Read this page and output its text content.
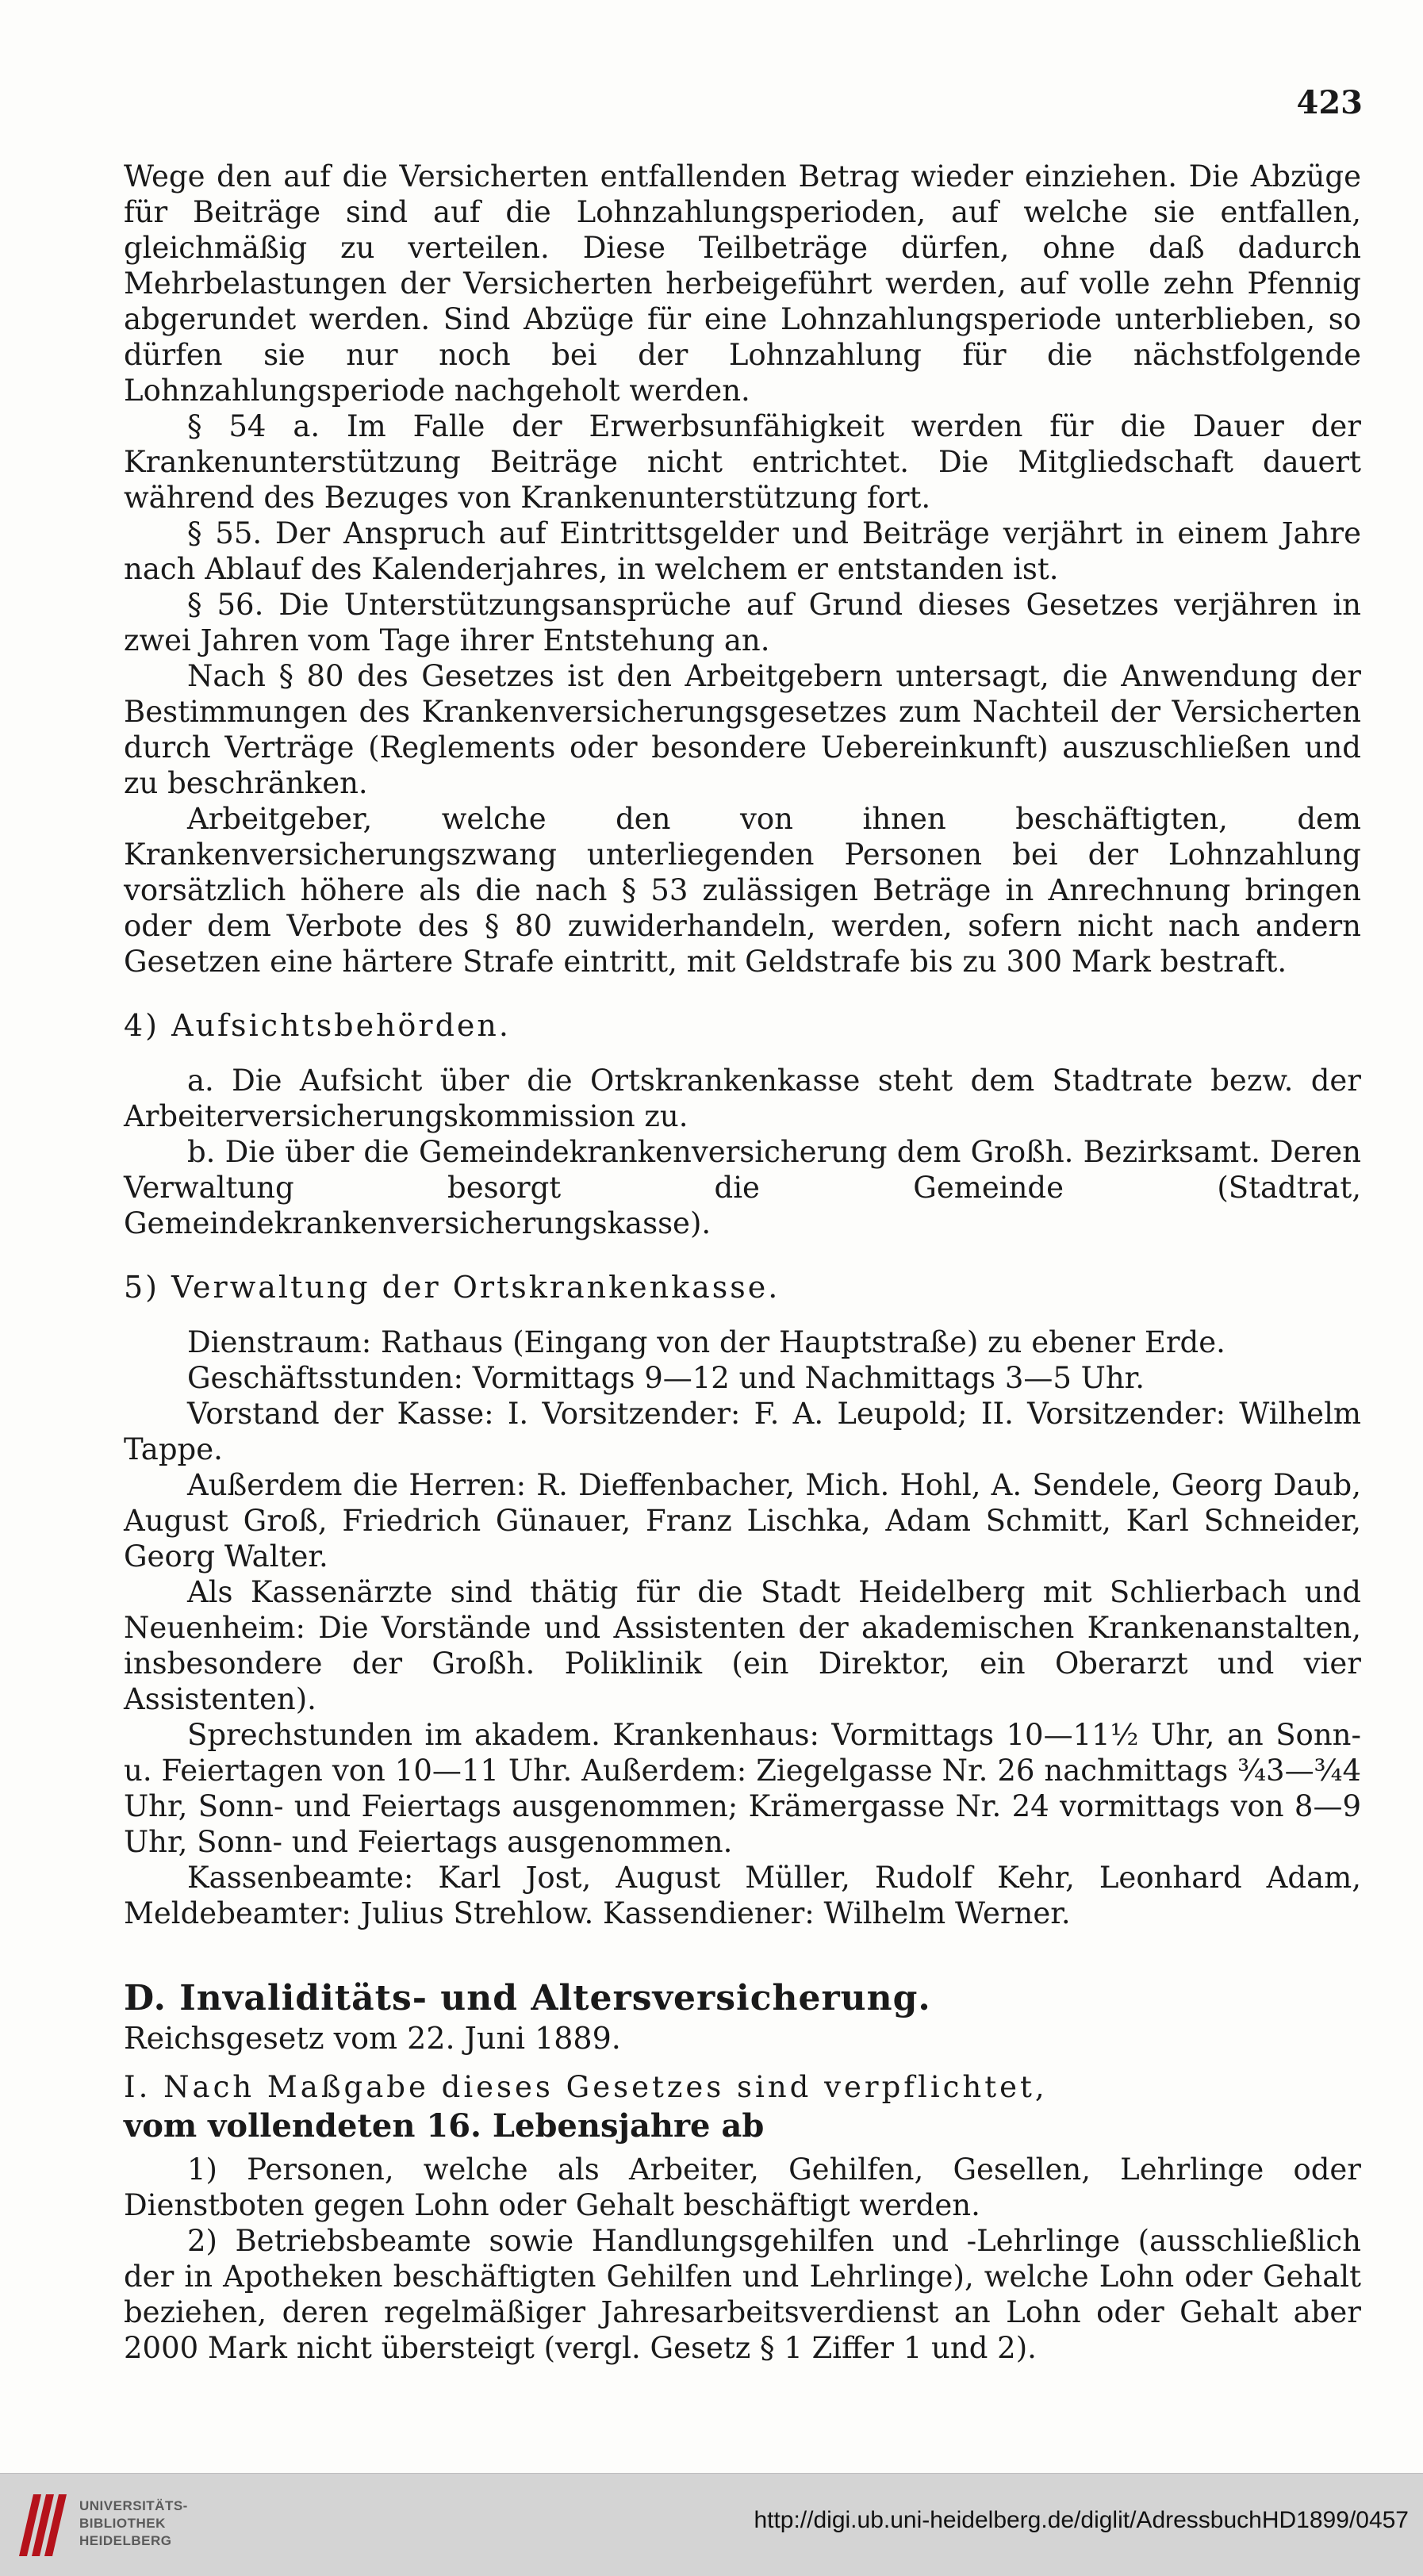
423

Wege den auf die Versicherten entfallenden Betrag wieder einziehen. Die Abzüge für Beiträge sind auf die Lohnzahlungsperioden, auf welche sie entfallen, gleichmäßig zu verteilen. Diese Teilbeträge dürfen, ohne daß dadurch Mehrbelastungen der Versicherten herbeigeführt werden, auf volle zehn Pfennig abgerundet werden. Sind Abzüge für eine Lohnzahlungsperiode unterblieben, so dürfen sie nur noch bei der Lohnzahlung für die nächstfolgende Lohnzahlungsperiode nachgeholt werden.

§ 54 a. Im Falle der Erwerbsunfähigkeit werden für die Dauer der Krankenunterstützung Beiträge nicht entrichtet. Die Mitgliedschaft dauert während des Bezuges von Krankenunterstützung fort.

§ 55. Der Anspruch auf Eintrittsgelder und Beiträge verjährt in einem Jahre nach Ablauf des Kalenderjahres, in welchem er entstanden ist.

§ 56. Die Unterstützungsansprüche auf Grund dieses Gesetzes verjähren in zwei Jahren vom Tage ihrer Entstehung an.

Nach § 80 des Gesetzes ist den Arbeitgebern untersagt, die Anwendung der Bestimmungen des Krankenversicherungsgesetzes zum Nachteil der Versicherten durch Verträge (Reglements oder besondere Uebereinkunft) auszuschließen und zu beschränken.

Arbeitgeber, welche den von ihnen beschäftigten, dem Krankenversicherungszwang unterliegenden Personen bei der Lohnzahlung vorsätzlich höhere als die nach § 53 zulässigen Beträge in Anrechnung bringen oder dem Verbote des § 80 zuwiderhandeln, werden, sofern nicht nach andern Gesetzen eine härtere Strafe eintritt, mit Geldstrafe bis zu 300 Mark bestraft.

4) Aufsichtsbehörden.

a. Die Aufsicht über die Ortskrankenkasse steht dem Stadtrate bezw. der Arbeiterversicherungskommission zu.

b. Die über die Gemeindekrankenversicherung dem Großh. Bezirksamt. Deren Verwaltung besorgt die Gemeinde (Stadtrat, Gemeindekrankenversicherungskasse).

5) Verwaltung der Ortskrankenkasse.

Dienstraum: Rathaus (Eingang von der Hauptstraße) zu ebener Erde.

Geschäftsstunden: Vormittags 9—12 und Nachmittags 3—5 Uhr.

Vorstand der Kasse: I. Vorsitzender: F. A. Leupold; II. Vorsitzender: Wilhelm Tappe.

Außerdem die Herren: R. Dieffenbacher, Mich. Hohl, A. Sendele, Georg Daub, August Groß, Friedrich Günauer, Franz Lischka, Adam Schmitt, Karl Schneider, Georg Walter.

Als Kassenärzte sind thätig für die Stadt Heidelberg mit Schlierbach und Neuenheim: Die Vorstände und Assistenten der akademischen Krankenanstalten, insbesondere der Großh. Poliklinik (ein Direktor, ein Oberarzt und vier Assistenten).

Sprechstunden im akadem. Krankenhaus: Vormittags 10—11½ Uhr, an Sonn- u. Feiertagen von 10—11 Uhr. Außerdem: Ziegelgasse Nr. 26 nachmittags ¾3—¾4 Uhr, Sonn- und Feiertags ausgenommen; Krämergasse Nr. 24 vormittags von 8—9 Uhr, Sonn- und Feiertags ausgenommen.

Kassenbeamte: Karl Jost, August Müller, Rudolf Kehr, Leonhard Adam, Meldebeamter: Julius Strehlow. Kassendiener: Wilhelm Werner.

D. Invaliditäts- und Altersversicherung.

Reichsgesetz vom 22. Juni 1889.

I. Nach Maßgabe dieses Gesetzes sind verpflichtet,

vom vollendeten 16. Lebensjahre ab

1) Personen, welche als Arbeiter, Gehilfen, Gesellen, Lehrlinge oder Dienstboten gegen Lohn oder Gehalt beschäftigt werden.

2) Betriebsbeamte sowie Handlungsgehilfen und -Lehrlinge (ausschließlich der in Apotheken beschäftigten Gehilfen und Lehrlinge), welche Lohn oder Gehalt beziehen, deren regelmäßiger Jahresarbeitsverdienst an Lohn oder Gehalt aber 2000 Mark nicht übersteigt (vergl. Gesetz § 1 Ziffer 1 und 2).

UNIVERSITÄTS-
BIBLIOTHEK
HEIDELBERG
http://digi.ub.uni-heidelberg.de/diglit/AdressbuchHD1899/0457
